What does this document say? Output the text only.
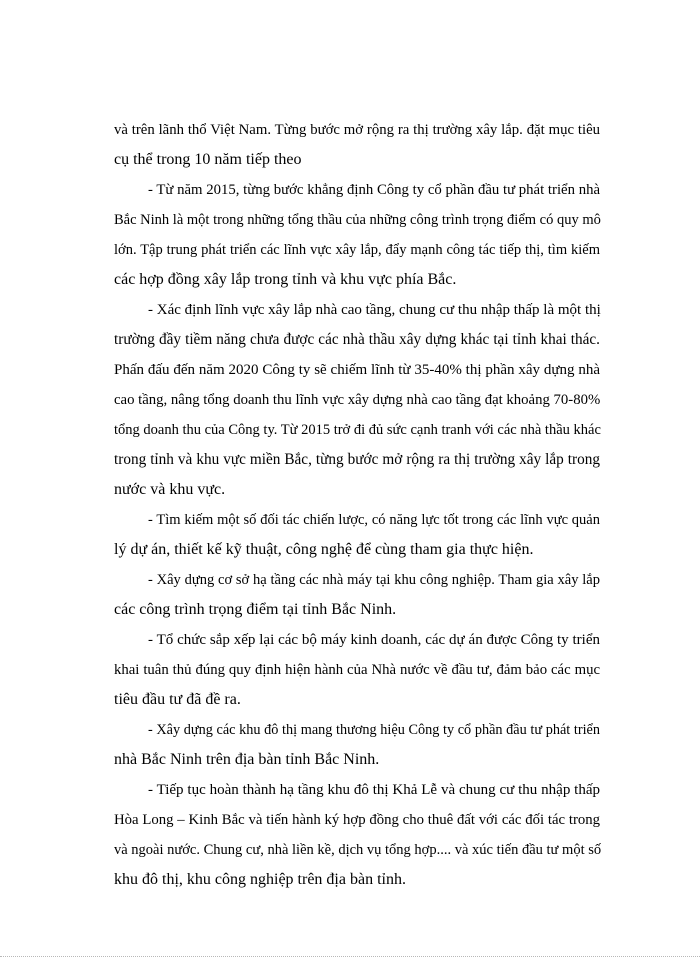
và trên lãnh thổ Việt Nam. Từng bước mở rộng ra thị trường xây lắp. đặt mục tiêu
cụ thể trong 10 năm tiếp theo
- Từ năm 2015, từng bước khẳng định Công ty cổ phần đầu tư phát triển nhà
Bắc Ninh là một trong những tổng thầu của những công trình trọng điểm có quy mô
lớn. Tập trung phát triển các lĩnh vực xây lắp, đẩy mạnh công tác tiếp thị, tìm kiếm
các hợp đồng xây lắp trong tỉnh và khu vực phía Bắc.
- Xác định lĩnh vực xây lắp nhà cao tầng, chung cư thu nhập thấp là một thị
trường đầy tiềm năng chưa được các nhà thầu xây dựng khác tại tỉnh khai thác.
Phấn đấu đến năm 2020 Công ty sẽ chiếm lĩnh từ 35-40% thị phần xây dựng nhà
cao tầng, nâng tổng doanh thu lĩnh vực xây dựng nhà cao tầng đạt khoảng 70-80%
tổng doanh thu của Công ty. Từ 2015 trở đi đủ sức cạnh tranh với các nhà thầu khác
trong tỉnh và khu vực miền Bắc, từng bước mở rộng ra thị trường xây lắp trong
nước và khu vực.
- Tìm kiếm một số đối tác chiến lược, có năng lực tốt trong các lĩnh vực quản
lý dự án, thiết kế kỹ thuật, công nghệ để cùng tham gia thực hiện.
- Xây dựng cơ sở hạ tầng các nhà máy tại khu công nghiệp. Tham gia xây lắp
các công trình trọng điểm tại tỉnh Bắc Ninh.
- Tổ chức sắp xếp lại các bộ máy kinh doanh, các dự án được Công ty triển
khai tuân thủ đúng quy định hiện hành của Nhà nước về đầu tư, đảm bảo các mục
tiêu đầu tư đã đề ra.
- Xây dựng các khu đô thị mang thương hiệu Công ty cổ phần đầu tư phát triển
nhà Bắc Ninh trên địa bàn tỉnh Bắc Ninh.
- Tiếp tục hoàn thành hạ tầng khu đô thị Khả Lễ và chung cư thu nhập thấp
Hòa Long – Kinh Bắc và tiến hành ký hợp đồng cho thuê đất với các đối tác trong
và ngoài nước. Chung cư, nhà liền kề, dịch vụ tổng hợp.... và xúc tiến đầu tư một số
khu đô thị, khu công nghiệp trên địa bàn tỉnh.
